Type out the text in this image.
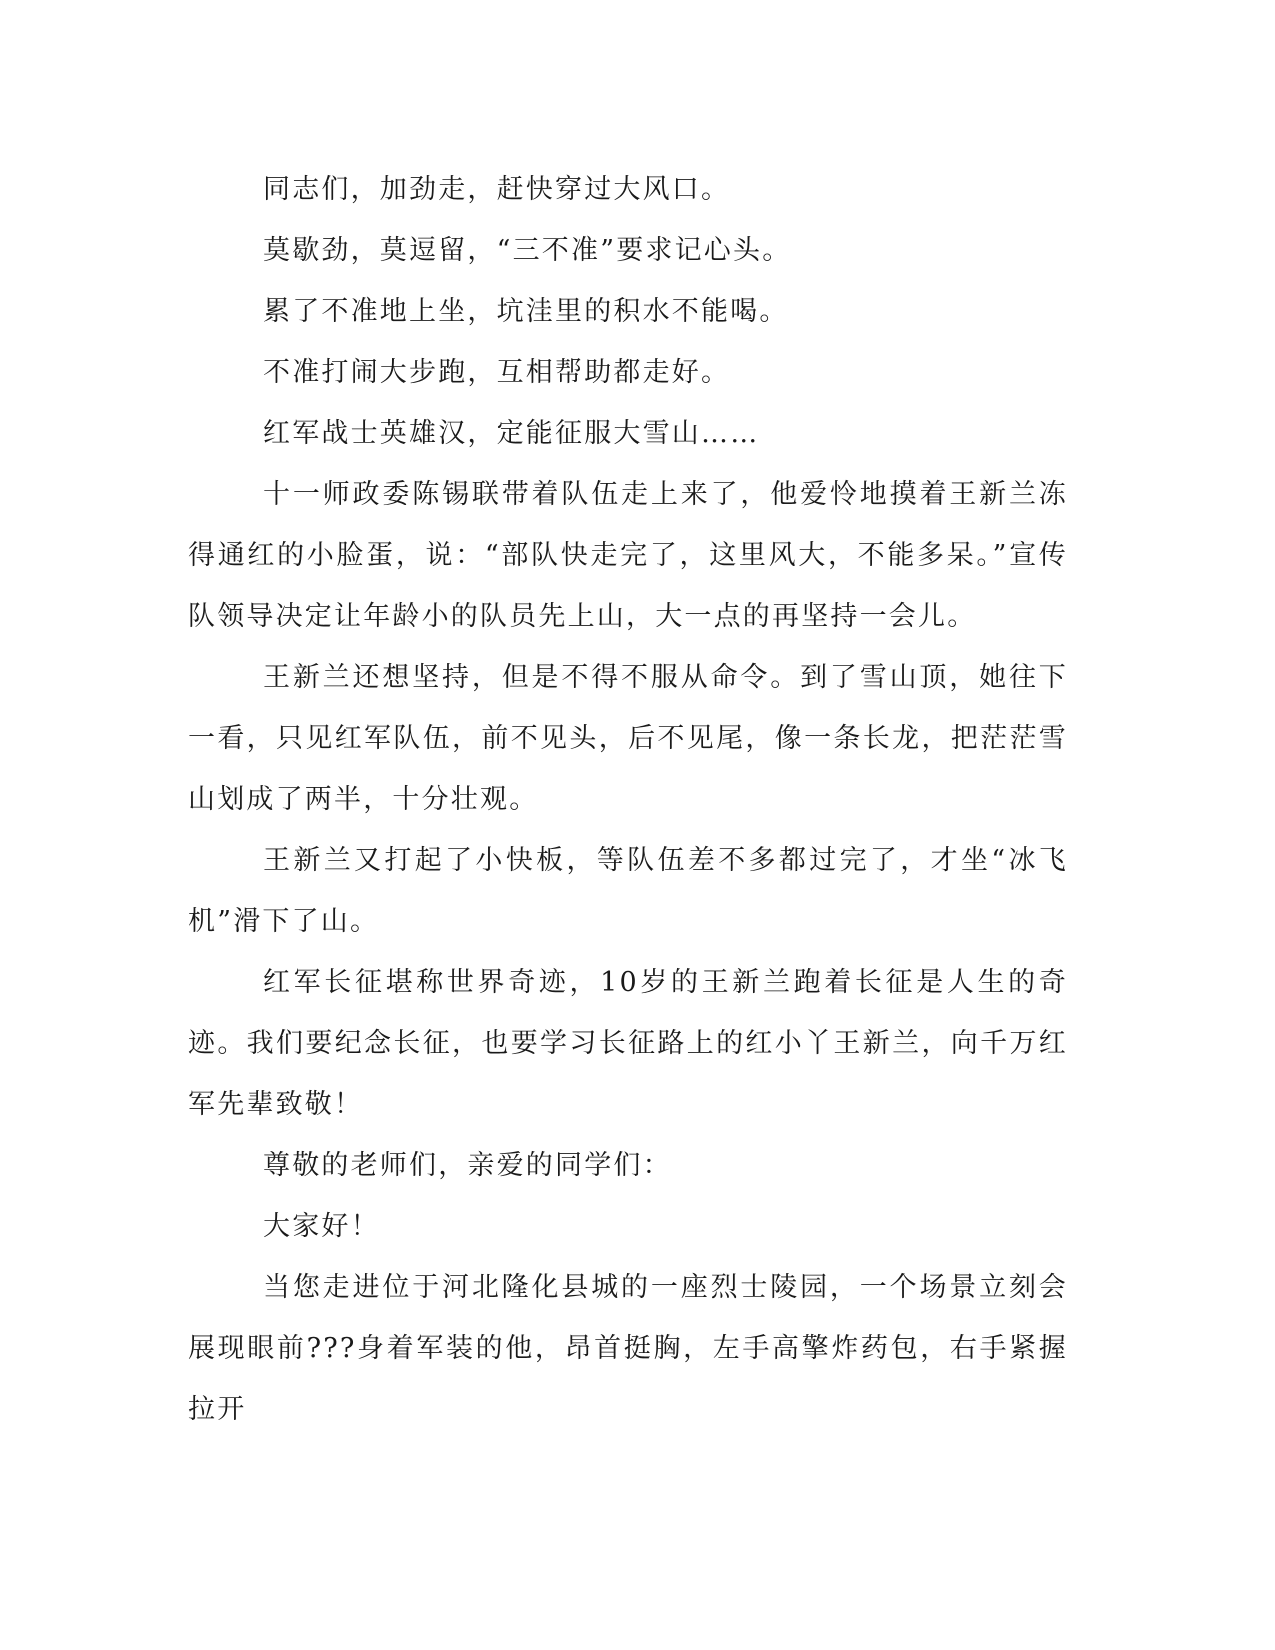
同志们，加劲走，赶快穿过大风口。

莫歇劲，莫逗留，“三不准”要求记心头。

累了不准地上坐，坑洼里的积水不能喝。

不准打闹大步跑，互相帮助都走好。

红军战士英雄汉，定能征服大雪山……

十一师政委陈锡联带着队伍走上来了，他爱怜地摸着王新兰冻得通红的小脸蛋，说：“部队快走完了，这里风大，不能多呆。”宣传队领导决定让年龄小的队员先上山，大一点的再坚持一会儿。

王新兰还想坚持，但是不得不服从命令。到了雪山顶，她往下一看，只见红军队伍，前不见头，后不见尾，像一条长龙，把茫茫雪山划成了两半，十分壮观。

王新兰又打起了小快板，等队伍差不多都过完了，才坐“冰飞机”滑下了山。

红军长征堪称世界奇迹，10岁的王新兰跑着长征是人生的奇迹。我们要纪念长征，也要学习长征路上的红小丫王新兰，向千万红军先辈致敬！

尊敬的老师们，亲爱的同学们：

大家好！

当您走进位于河北隆化县城的一座烈士陵园，一个场景立刻会展现眼前???身着军装的他，昂首挺胸，左手高擎炸药包，右手紧握拉开
